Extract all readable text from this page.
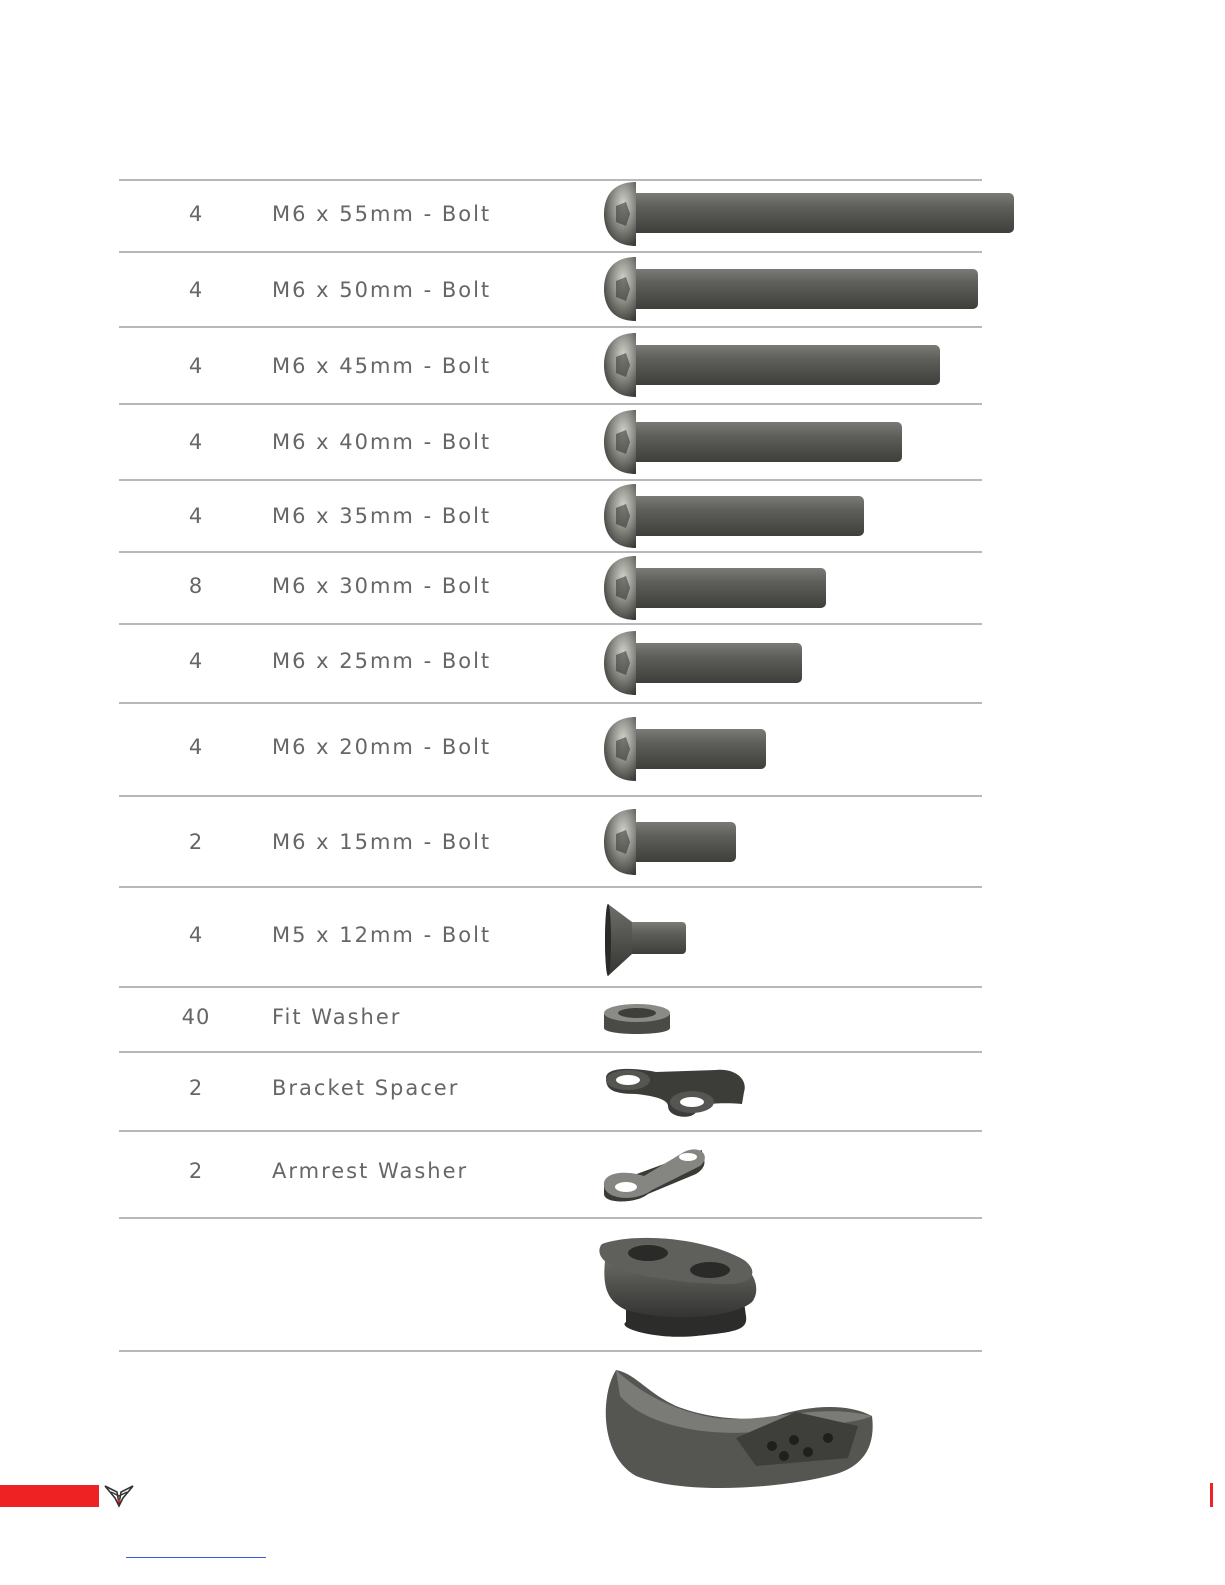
4	M6 x 55mm - Bolt
4	M6 x 50mm - Bolt
4	M6 x 45mm - Bolt
4	M6 x 40mm - Bolt
4	M6 x 35mm - Bolt
8	M6 x 30mm - Bolt
4	M6 x 25mm - Bolt
4	M6 x 20mm - Bolt
2	M6 x 15mm - Bolt
4	M5 x 12mm - Bolt
40	Fit Washer
2	Bracket Spacer
2	Armrest Washer
